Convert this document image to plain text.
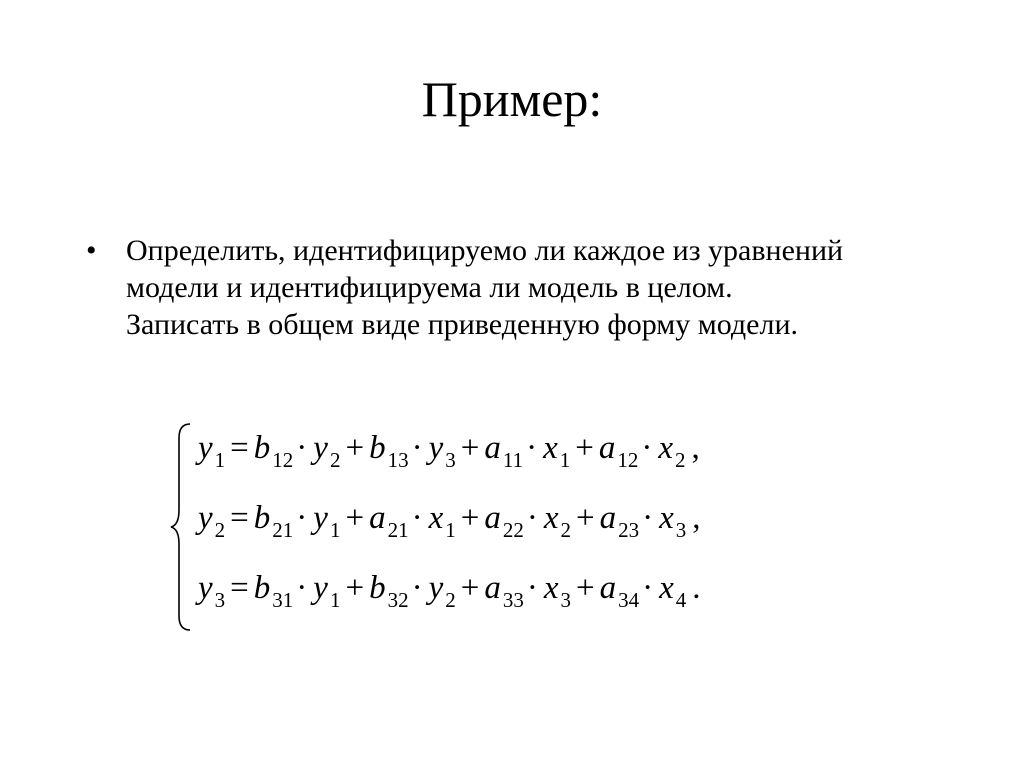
Пример:
• Определить, идентифицируемо ли каждое из уравнений
модели и идентифицируема ли модель в целом.
Записать в общем виде приведенную форму модели.
$y_1 = b_{12} \cdot y_2 + b_{13} \cdot y_3 + a_{11} \cdot x_1 + a_{12} \cdot x_2$ ,
$y_2 = b_{21} \cdot y_1 + a_{21} \cdot x_1 + a_{22} \cdot x_2 + a_{23} \cdot x_3$ ,
$y_3 = b_{31} \cdot y_1 + b_{32} \cdot y_2 + a_{33} \cdot x_3 + a_{34} \cdot x_4$ .
